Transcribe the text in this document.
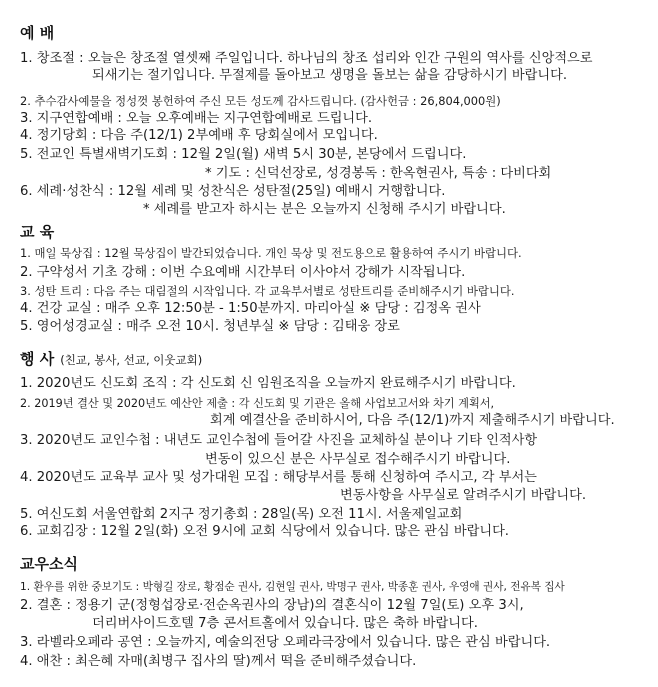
예 배
1. 창조절 : 오늘은 창조절 열셋째 주일입니다. 하나님의 창조 섭리와 인간 구원의 역사를 신앙적으로
되새기는 절기입니다. 무절제를 돌아보고 생명을 돌보는 삶을 감당하시기 바랍니다.
2. 추수감사예물을 정성껏 봉헌하여 주신 모든 성도께 감사드립니다. (감사헌금 : 26,804,000원)
3. 지구연합예배 : 오늘 오후예배는 지구연합예배로 드립니다.
4. 정기당회 : 다음 주(12/1) 2부예배 후 당회실에서 모입니다.
5. 전교인 특별새벽기도회 : 12월 2일(월) 새벽 5시 30분, 본당에서 드립니다.
* 기도 : 신덕선장로, 성경봉독 : 한옥현권사, 특송 : 다비다회
6. 세례·성찬식 : 12월 세례 및 성찬식은 성탄절(25일) 예배시 거행합니다.
* 세례를 받고자 하시는 분은 오늘까지 신청해 주시기 바랍니다.
교 육
1. 매일 묵상집 : 12월 묵상집이 발간되었습니다. 개인 묵상 및 전도용으로 활용하여 주시기 바랍니다.
2. 구약성서 기초 강해 : 이번 수요예배 시간부터 이사야서 강해가 시작됩니다.
3. 성탄 트리 : 다음 주는 대림절의 시작입니다. 각 교육부서별로 성탄트리를 준비해주시기 바랍니다.
4. 건강 교실 : 매주 오후 12:50분 - 1:50분까지. 마리아실 ※ 담당 : 김정옥 권사
5. 영어성경교실 : 매주 오전 10시. 청년부실 ※ 담당 : 김태웅 장로
행 사 (친교, 봉사, 선교, 이웃교회)
1. 2020년도 신도회 조직 : 각 신도회 신 임원조직을 오늘까지 완료해주시기 바랍니다.
2. 2019년 결산 및 2020년도 예산안 제출 : 각 신도회 및 기관은 올해 사업보고서와 차기 계획서,
회계 예결산을 준비하시어, 다음 주(12/1)까지 제출해주시기 바랍니다.
3. 2020년도 교인수첩 : 내년도 교인수첩에 들어갈 사진을 교체하실 분이나 기타 인적사항
변동이 있으신 분은 사무실로 접수해주시기 바랍니다.
4. 2020년도 교육부 교사 및 성가대원 모집 : 해당부서를 통해 신청하여 주시고, 각 부서는
변동사항을 사무실로 알려주시기 바랍니다.
5. 여신도회 서울연합회 2지구 정기총회 : 28일(목) 오전 11시. 서울제일교회
6. 교회김장 : 12월 2일(화) 오전 9시에 교회 식당에서 있습니다. 많은 관심 바랍니다.
교우소식
1. 환우를 위한 중보기도 : 박형길 장로, 황점순 권사, 김현일 권사, 박명구 권사, 박종훈 권사, 우영애 권사, 전유복 집사
2. 결혼 : 정용기 군(정형섭장로·전순옥권사의 장남)의 결혼식이 12월 7일(토) 오후 3시,
더리버사이드호텔 7층 콘서트홀에서 있습니다. 많은 축하 바랍니다.
3. 라벨라오페라 공연 : 오늘까지, 예술의전당 오페라극장에서 있습니다. 많은 관심 바랍니다.
4. 애찬 : 최은혜 자매(최병구 집사의 딸)께서 떡을 준비해주셨습니다.
